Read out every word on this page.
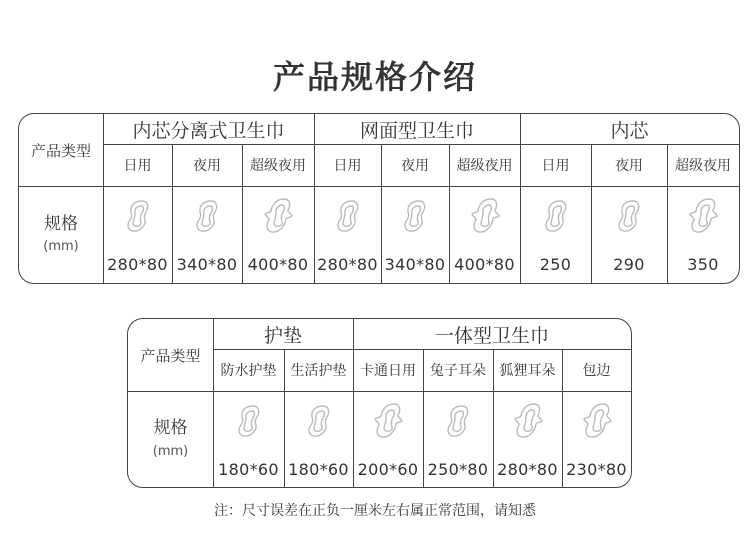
产品规格介绍
产品类型
规格
(mm)
内芯分离式卫生巾	网面型卫生巾	内芯
日用	夜用	超级夜用	日用	夜用	超级夜用	日用	夜用	超级夜用
280*80 340*80 400*80 280*80 340*80 400*80	250	290	350
产品类型
规格
(mm)
护垫	一体型卫生巾
防水护垫	生活护垫 卡通日用	兔子耳朵 狐狸耳朵	包边
180*60 180*60 200*60 250*80 280*80 230*80
注：尺寸误差在正负一厘米左右属正常范围，请知悉
